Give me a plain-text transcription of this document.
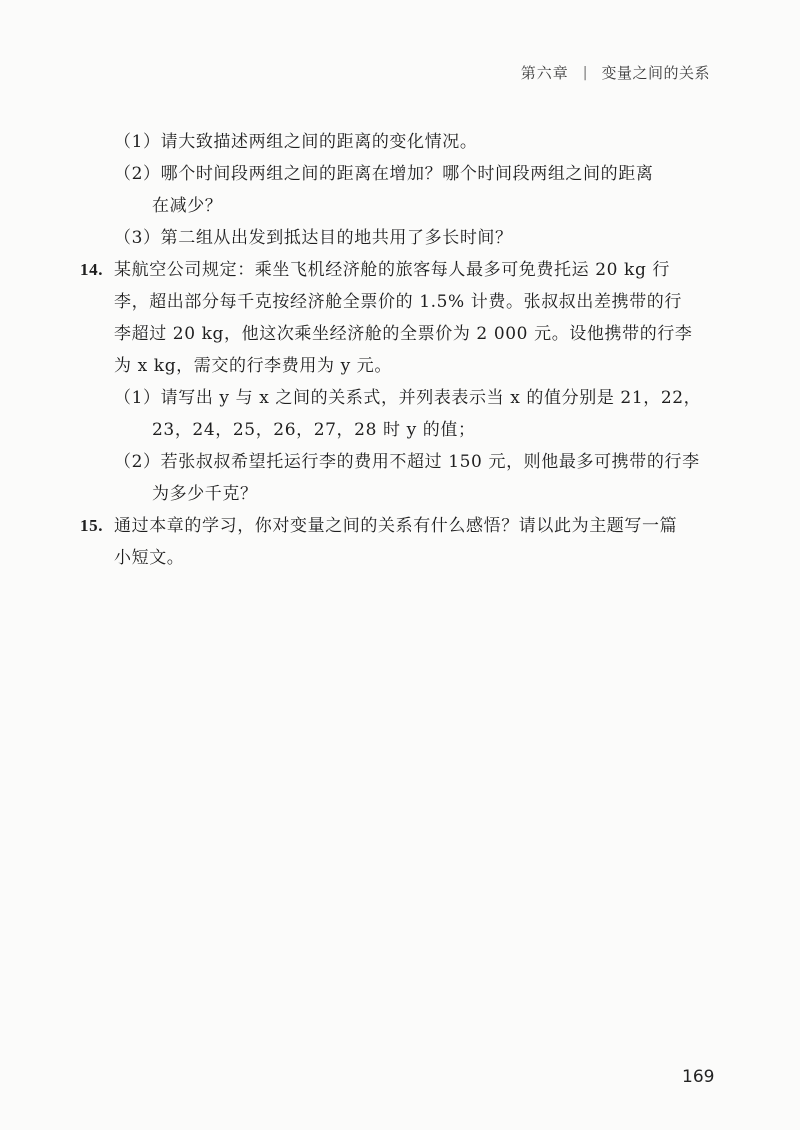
第六章 | 变量之间的关系
（1）请大致描述两组之间的距离的变化情况。
（2）哪个时间段两组之间的距离在增加？哪个时间段两组之间的距离
在减少？
（3）第二组从出发到抵达目的地共用了多长时间？
14. 某航空公司规定：乘坐飞机经济舱的旅客每人最多可免费托运 20 kg 行
李，超出部分每千克按经济舱全票价的 1.5% 计费。张叔叔出差携带的行
李超过 20 kg，他这次乘坐经济舱的全票价为 2 000 元。设他携带的行李
为 x kg，需交的行李费用为 y 元。
（1）请写出 y 与 x 之间的关系式，并列表表示当 x 的值分别是 21，22，
23，24，25，26，27，28 时 y 的值；
（2）若张叔叔希望托运行李的费用不超过 150 元，则他最多可携带的行李
为多少千克？
15. 通过本章的学习，你对变量之间的关系有什么感悟？请以此为主题写一篇
小短文。
169
